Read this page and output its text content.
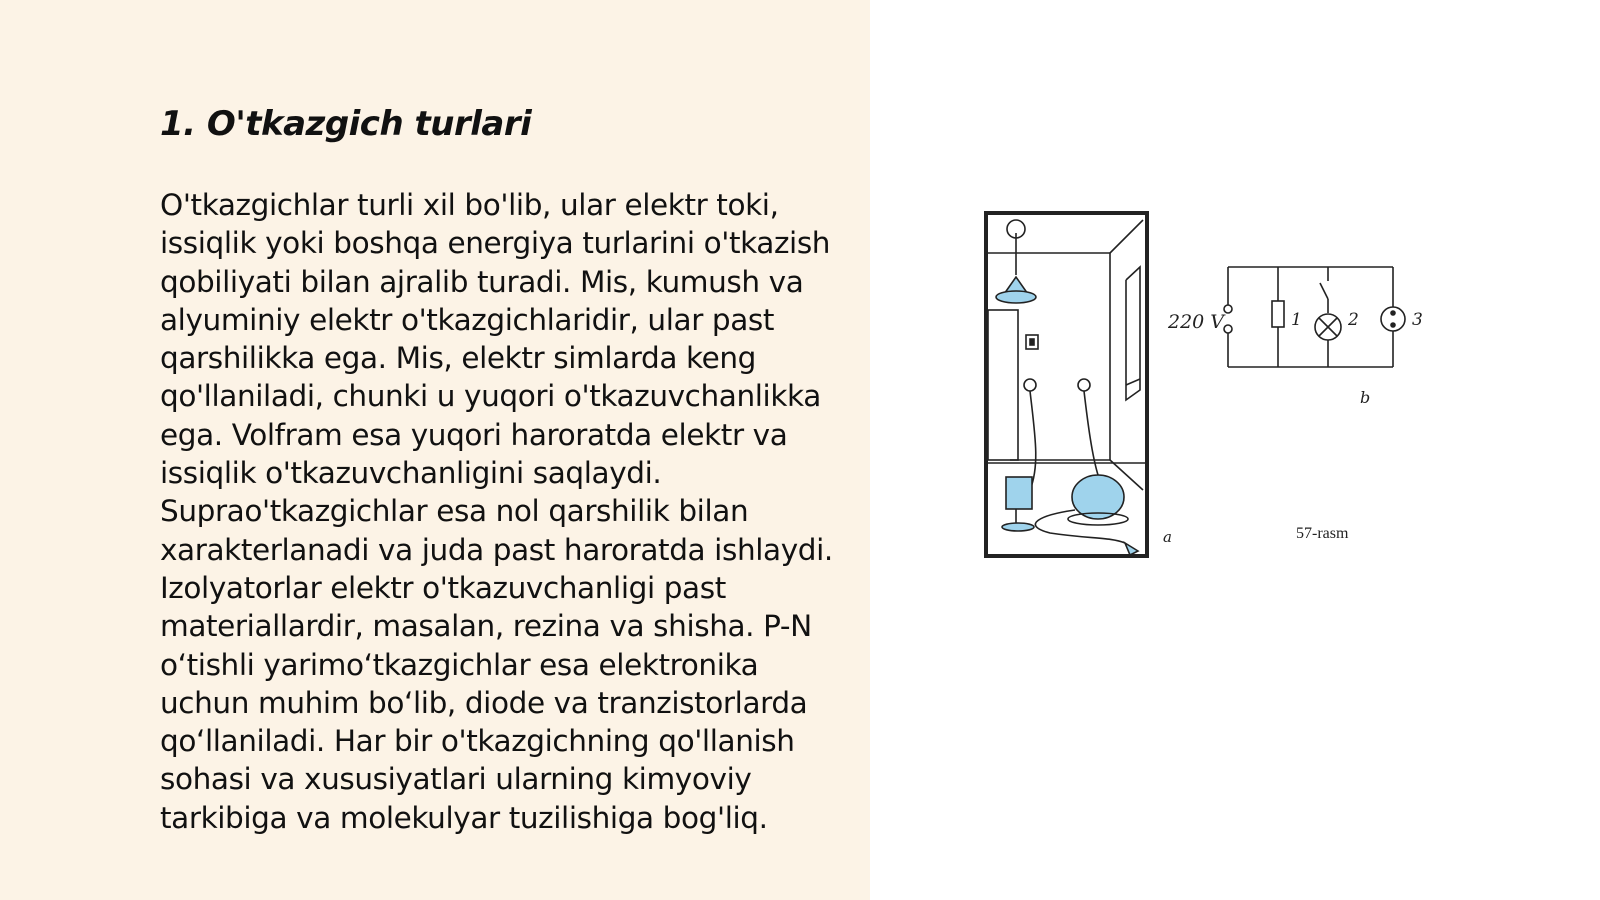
1. O'tkazgich turlari

O'tkazgichlar turli xil bo'lib, ular elektr toki, issiqlik yoki boshqa energiya turlarini o'tkazish qobiliyati bilan ajralib turadi. Mis, kumush va alyuminiy elektr o'tkazgichlaridir, ular past qarshilikka ega. Mis, elektr simlarda keng qo'llaniladi, chunki u yuqori o'tkazuvchanlikka ega. Volfram esa yuqori haroratda elektr va issiqlik o'tkazuvchanligini saqlaydi. Suprao'tkazgichlar esa nol qarshilik bilan xarakterlanadi va juda past haroratda ishlaydi. Izolyatorlar elektr o'tkazuvchanligi past materiallardir, masalan, rezina va shisha. P-N o‘tishli yarimo‘tkazgichlar esa elektronika uchun muhim bo‘lib, diode va tranzistorlarda qo‘llaniladi. Har bir o'tkazgichning qo'llanish sohasi va xususiyatlari ularning kimyoviy tarkibiga va molekulyar tuzilishiga bog'liq.

220 V	1	2	3
b
a	57-rasm
